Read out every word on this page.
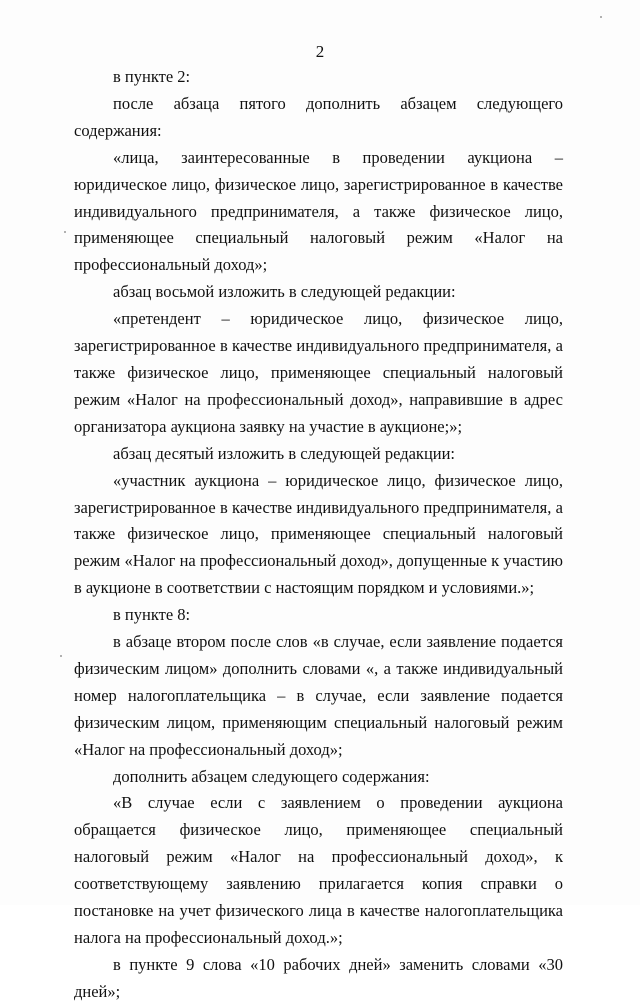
2

в пункте 2:

после абзаца пятого дополнить абзацем следующего содержания:

«лица, заинтересованные в проведении аукциона – юридическое лицо, физическое лицо, зарегистрированное в качестве индивидуального предпринимателя, а также физическое лицо, применяющее специальный налоговый режим «Налог на профессиональный доход»;

абзац восьмой изложить в следующей редакции:

«претендент – юридическое лицо, физическое лицо, зарегистрированное в качестве индивидуального предпринимателя, а также физическое лицо, применяющее специальный налоговый режим «Налог на профессиональный доход», направившие в адрес организатора аукциона заявку на участие в аукционе;»;

абзац десятый изложить в следующей редакции:

«участник аукциона – юридическое лицо, физическое лицо, зарегистрированное в качестве индивидуального предпринимателя, а также физическое лицо, применяющее специальный налоговый режим «Налог на профессиональный доход», допущенные к участию в аукционе в соответствии с настоящим порядком и условиями.»;

в пункте 8:

в абзаце втором после слов «в случае, если заявление подается физическим лицом» дополнить словами «, а также индивидуальный номер налогоплательщика – в случае, если заявление подается физическим лицом, применяющим специальный налоговый режим «Налог на профессиональный доход»;

дополнить абзацем следующего содержания:

«В случае если с заявлением о проведении аукциона обращается физическое лицо, применяющее специальный налоговый режим «Налог на профессиональный доход», к соответствующему заявлению прилагается копия справки о постановке на учет физического лица в качестве налогоплательщика налога на профессиональный доход.»;

в пункте 9 слова «10 рабочих дней» заменить словами «30 дней»;
